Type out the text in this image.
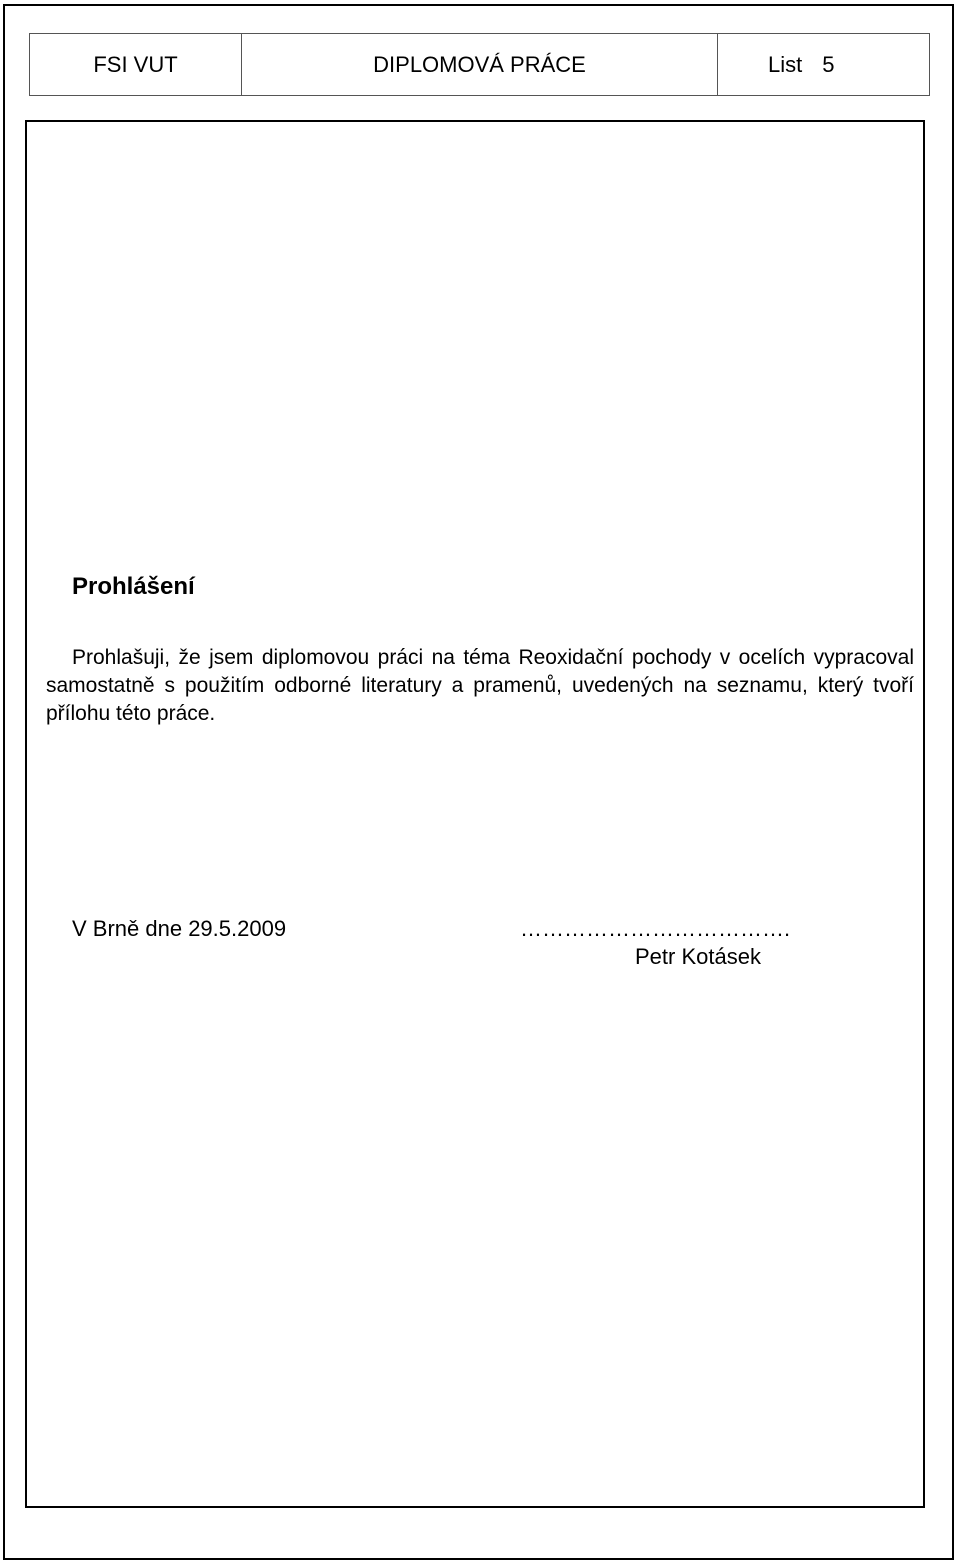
FSI VUT	DIPLOMOVÁ PRÁCE	List 5
Prohlášení

Prohlašuji, že jsem diplomovou práci na téma Reoxidační pochody v ocelích vypracoval samostatně s použitím odborné literatury a pramenů, uvedených na seznamu, který tvoří přílohu této práce.

V Brně dne 29.5.2009	……………………………….
Petr Kotásek
